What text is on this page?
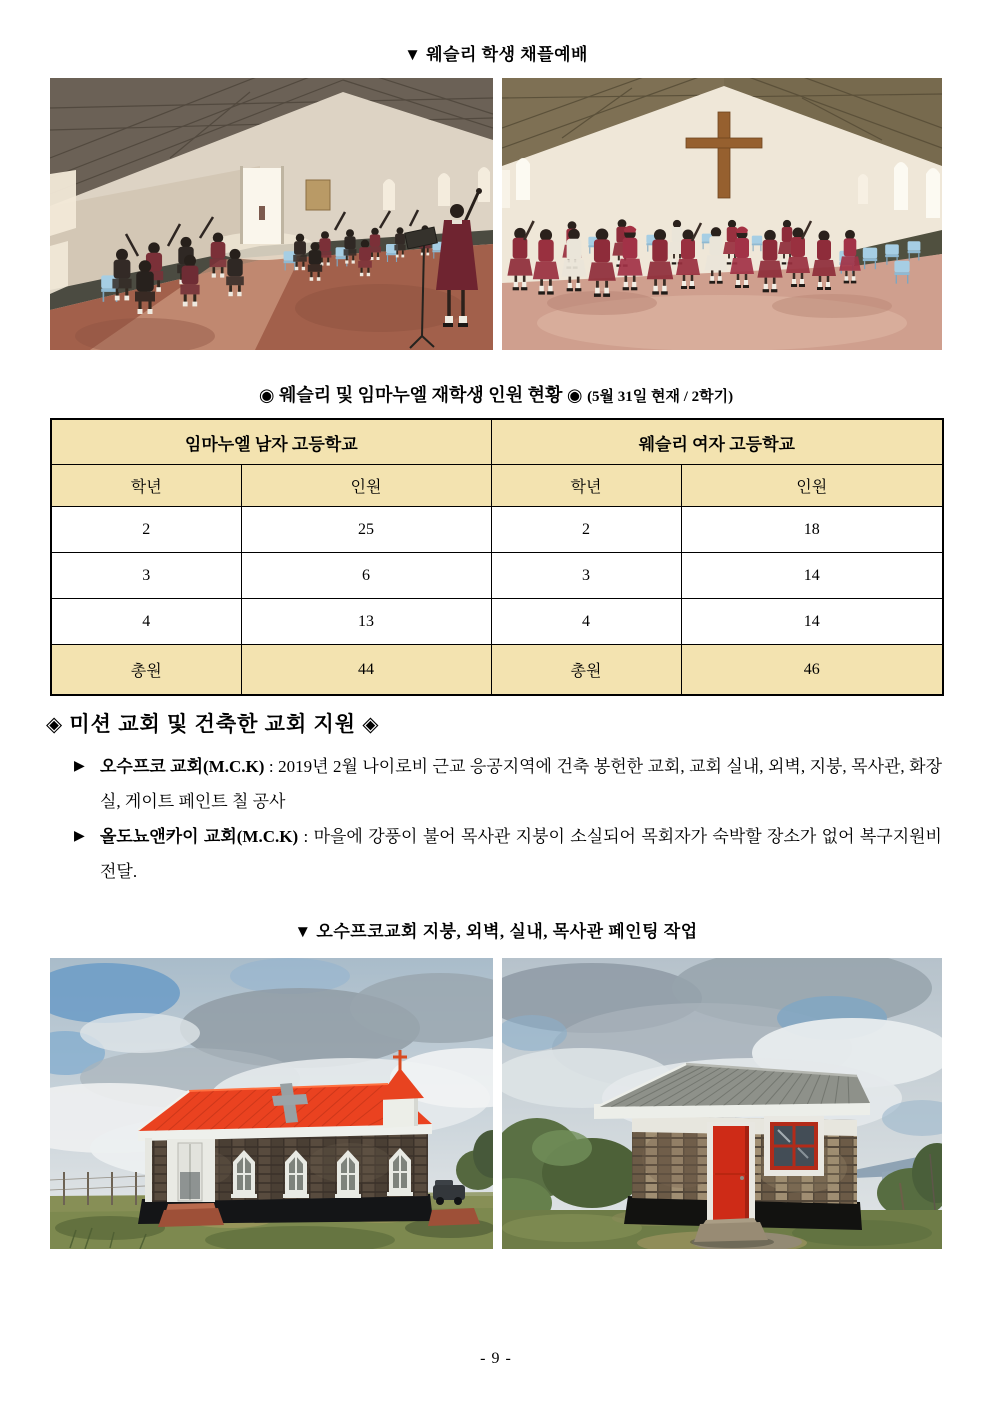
▼ 웨슬리 학생 채플예배
◉ 웨슬리 및 임마누엘 재학생 인원 현황 ◉ (5월 31일 현재 / 2학기)
임마누엘 남자 고등학교		웨슬리 여자 고등학교	
학년	인원	학년	인원
2	25	2	18
3	6	3	14
4	13	4	14
총원	44	총원	46
◈ 미션 교회 및 건축한 교회 지원 ◈
▶ 오수프코 교회(M.C.K) : 2019년 2월 나이로비 근교 응공지역에 건축 봉헌한 교회, 교회 실내, 외벽, 지붕, 목사관, 화장실, 게이트 페인트 칠 공사
▶ 올도뇨앤카이 교회(M.C.K) : 마을에 강풍이 불어 목사관 지붕이 소실되어 목회자가 숙박할 장소가 없어 복구지원비 전달.
▼ 오수프코교회 지붕, 외벽, 실내, 목사관 페인팅 작업
- 9 -
